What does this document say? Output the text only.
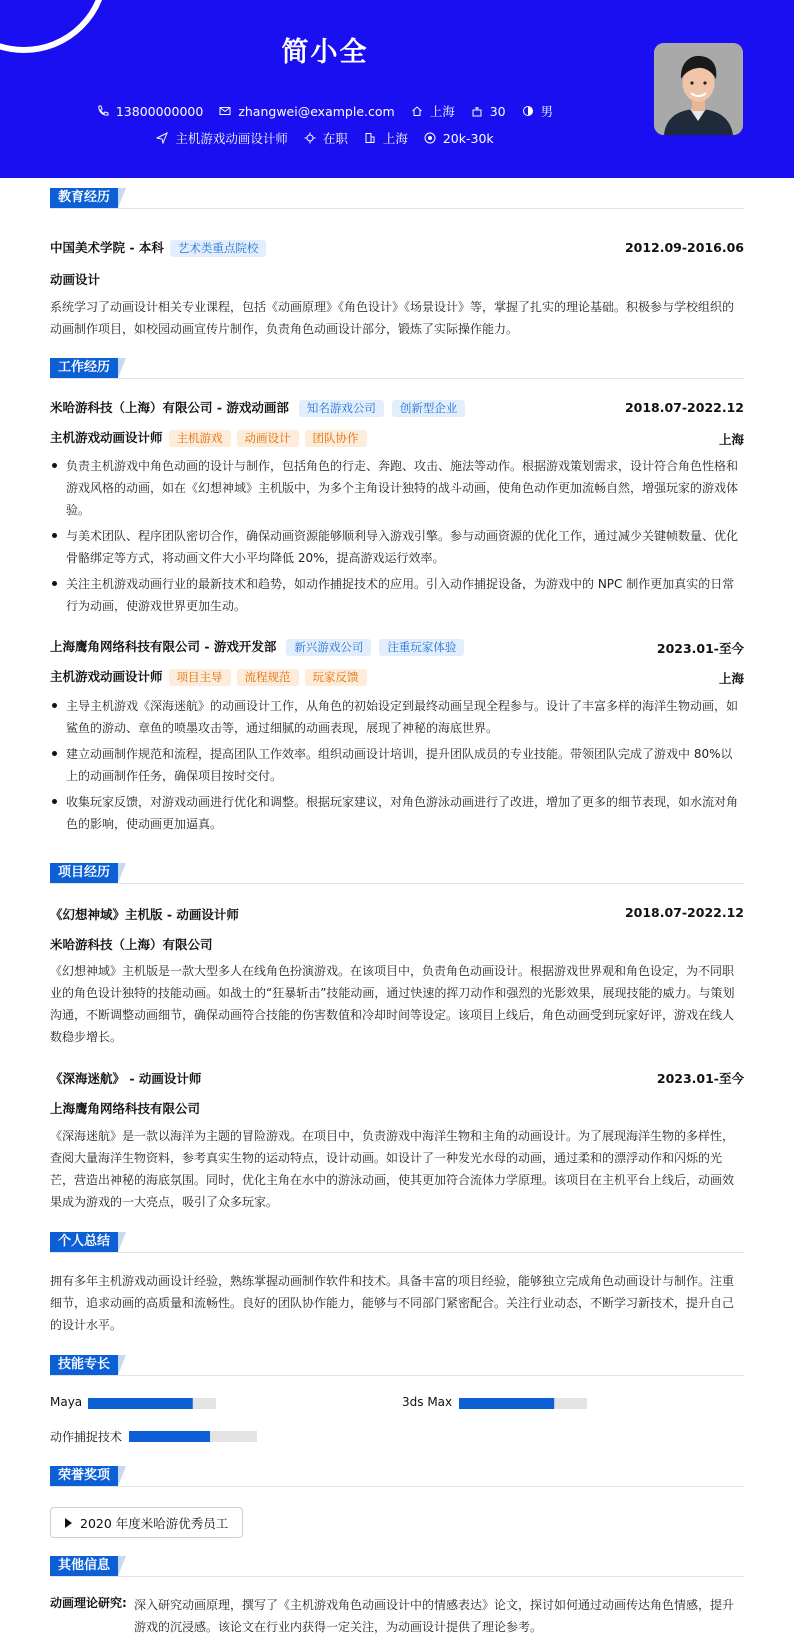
简小全
13800000000	zhangwei@example.com	上海	30	男
主机游戏动画设计师	在职	上海	20k-30k
教育经历
中国美术学院 - 本科 艺术类重点院校	2012.09-2016.06
动画设计
系统学习了动画设计相关专业课程，包括《动画原理》《角色设计》《场景设计》等，掌握了扎实的理论基础。积极参与学校组织的动画制作项目，如校园动画宣传片制作，负责角色动画设计部分，锻炼了实际操作能力。
工作经历
米哈游科技（上海）有限公司 - 游戏动画部 知名游戏公司 创新型企业	2018.07-2022.12
主机游戏动画设计师 主机游戏 动画设计 团队协作	上海
负责主机游戏中角色动画的设计与制作，包括角色的行走、奔跑、攻击、施法等动作。根据游戏策划需求，设计符合角色性格和游戏风格的动画，如在《幻想神域》主机版中，为多个主角设计独特的战斗动画，使角色动作更加流畅自然，增强玩家的游戏体验。
与美术团队、程序团队密切合作，确保动画资源能够顺利导入游戏引擎。参与动画资源的优化工作，通过减少关键帧数量、优化骨骼绑定等方式，将动画文件大小平均降低 20%，提高游戏运行效率。
关注主机游戏动画行业的最新技术和趋势，如动作捕捉技术的应用。引入动作捕捉设备，为游戏中的 NPC 制作更加真实的日常行为动画，使游戏世界更加生动。
上海鹰角网络科技有限公司 - 游戏开发部 新兴游戏公司 注重玩家体验	2023.01-至今
主机游戏动画设计师 项目主导 流程规范 玩家反馈	上海
主导主机游戏《深海迷航》的动画设计工作，从角色的初始设定到最终动画呈现全程参与。设计了丰富多样的海洋生物动画，如鲨鱼的游动、章鱼的喷墨攻击等，通过细腻的动画表现，展现了神秘的海底世界。
建立动画制作规范和流程，提高团队工作效率。组织动画设计培训，提升团队成员的专业技能。带领团队完成了游戏中 80%以上的动画制作任务，确保项目按时交付。
收集玩家反馈，对游戏动画进行优化和调整。根据玩家建议，对角色游泳动画进行了改进，增加了更多的细节表现，如水流对角色的影响，使动画更加逼真。
项目经历
《幻想神域》主机版 - 动画设计师	2018.07-2022.12
米哈游科技（上海）有限公司
《幻想神域》主机版是一款大型多人在线角色扮演游戏。在该项目中，负责角色动画设计。根据游戏世界观和角色设定，为不同职业的角色设计独特的技能动画。如战士的“狂暴斩击”技能动画，通过快速的挥刀动作和强烈的光影效果，展现技能的威力。与策划沟通，不断调整动画细节，确保动画符合技能的伤害数值和冷却时间等设定。该项目上线后，角色动画受到玩家好评，游戏在线人数稳步增长。
《深海迷航》 - 动画设计师	2023.01-至今
上海鹰角网络科技有限公司
《深海迷航》是一款以海洋为主题的冒险游戏。在项目中，负责游戏中海洋生物和主角的动画设计。为了展现海洋生物的多样性，查阅大量海洋生物资料，参考真实生物的运动特点，设计动画。如设计了一种发光水母的动画，通过柔和的漂浮动作和闪烁的光芒，营造出神秘的海底氛围。同时，优化主角在水中的游泳动画，使其更加符合流体力学原理。该项目在主机平台上线后，动画效果成为游戏的一大亮点，吸引了众多玩家。
个人总结
拥有多年主机游戏动画设计经验，熟练掌握动画制作软件和技术。具备丰富的项目经验，能够独立完成角色动画设计与制作。注重细节，追求动画的高质量和流畅性。良好的团队协作能力，能够与不同部门紧密配合。关注行业动态，不断学习新技术，提升自己的设计水平。
技能专长
Maya	3ds Max
动作捕捉技术
荣誉奖项
2020 年度米哈游优秀员工
其他信息
动画理论研究: 深入研究动画原理，撰写了《主机游戏角色动画设计中的情感表达》论文，探讨如何通过动画传达角色情感，提升游戏的沉浸感。该论文在行业内获得一定关注，为动画设计提供了理论参考。
